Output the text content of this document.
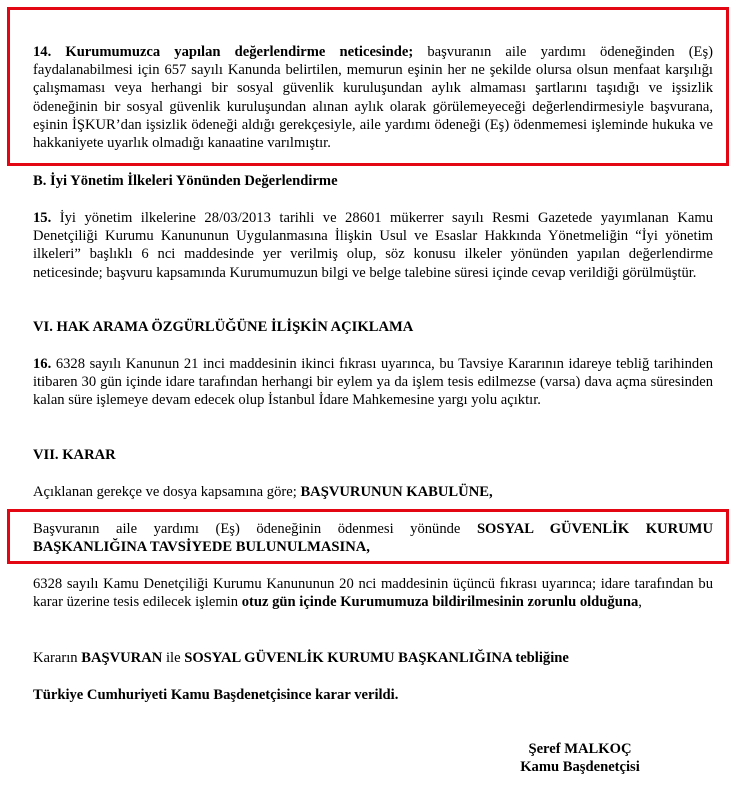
14. Kurumumuzca yapılan değerlendirme neticesinde; başvuranın aile yardımı ödeneğinden (Eş) faydalanabilmesi için 657 sayılı Kanunda belirtilen, memurun eşinin her ne şekilde olursa olsun menfaat karşılığı çalışmaması veya herhangi bir sosyal güvenlik kuruluşundan aylık almaması şartlarını taşıdığı ve işsizlik ödeneğinin bir sosyal güvenlik kuruluşundan alınan aylık olarak görülemeyeceği değerlendirmesiyle başvurana, eşinin İŞKUR’dan işsizlik ödeneği aldığı gerekçesiyle, aile yardımı ödeneği (Eş) ödenmemesi işleminde hukuka ve hakkaniyete uyarlık olmadığı kanaatine varılmıştır.

B. İyi Yönetim İlkeleri Yönünden Değerlendirme

15. İyi yönetim ilkelerine 28/03/2013 tarihli ve 28601 mükerrer sayılı Resmi Gazetede yayımlanan Kamu Denetçiliği Kurumu Kanununun Uygulanmasına İlişkin Usul ve Esaslar Hakkında Yönetmeliğin “İyi yönetim ilkeleri” başlıklı 6 nci maddesinde yer verilmiş olup, söz konusu ilkeler yönünden yapılan değerlendirme neticesinde; başvuru kapsamında Kurumumuzun bilgi ve belge talebine süresi içinde cevap verildiği görülmüştür.

VI. HAK ARAMA ÖZGÜRLÜĞÜNE İLİŞKİN AÇIKLAMA

16. 6328 sayılı Kanunun 21 inci maddesinin ikinci fıkrası uyarınca, bu Tavsiye Kararının idareye tebliğ tarihinden itibaren 30 gün içinde idare tarafından herhangi bir eylem ya da işlem tesis edilmezse (varsa) dava açma süresinden kalan süre işlemeye devam edecek olup İstanbul İdare Mahkemesine yargı yolu açıktır.

VII. KARAR

Açıklanan gerekçe ve dosya kapsamına göre; BAŞVURUNUN KABULÜNE,

Başvuranın aile yardımı (Eş) ödeneğinin ödenmesi yönünde SOSYAL GÜVENLİK KURUMU BAŞKANLIĞINA TAVSİYEDE BULUNULMASINA,

6328 sayılı Kamu Denetçiliği Kurumu Kanununun 20 nci maddesinin üçüncü fıkrası uyarınca; idare tarafından bu karar üzerine tesis edilecek işlemin otuz gün içinde Kurumumuza bildirilmesinin zorunlu olduğuna,

Kararın BAŞVURAN ile SOSYAL GÜVENLİK KURUMU BAŞKANLIĞINA tebliğine

Türkiye Cumhuriyeti Kamu Başdenetçisince karar verildi.

Şeref MALKOÇ
Kamu Başdenetçisi
